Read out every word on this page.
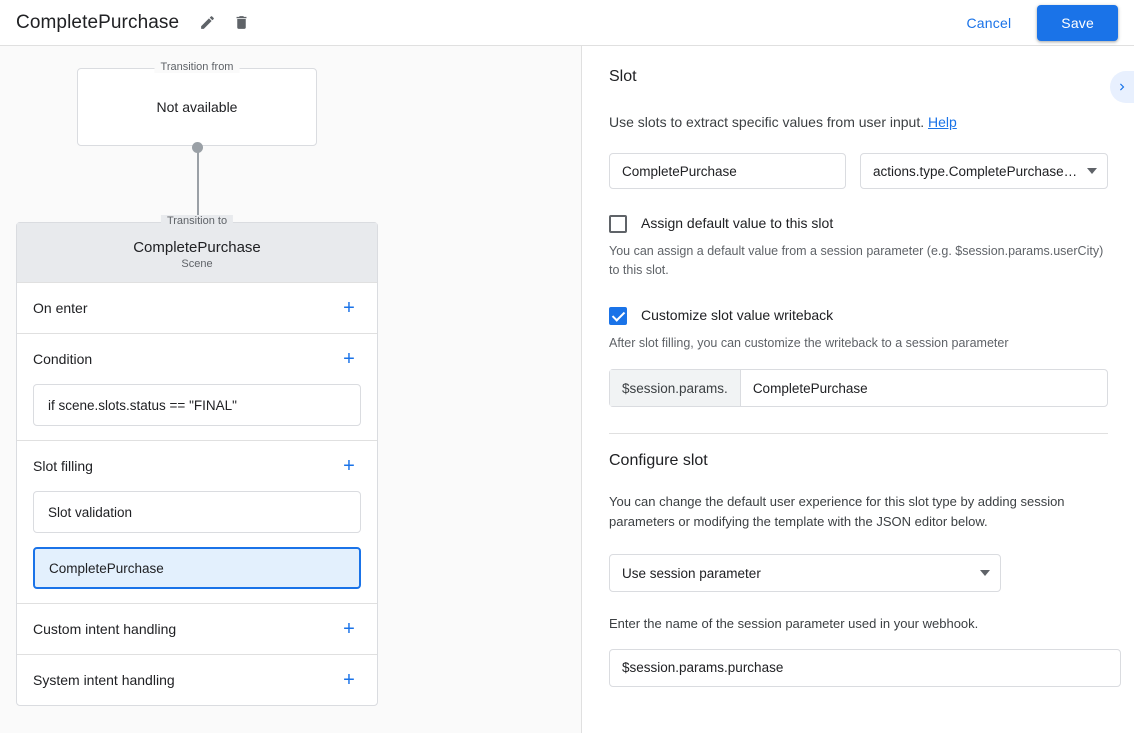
CompletePurchase	Cancel	Save
Transition from
Not available
Transition to
CompletePurchase
Scene
On enter	+
Condition	+
if scene.slots.status == "FINAL"
Slot filling	+
Slot validation
CompletePurchase
Custom intent handling	+
System intent handling	+
Slot
Use slots to extract specific values from user input. Help
CompletePurchase	actions.type.CompletePurchase…
Assign default value to this slot
You can assign a default value from a session parameter (e.g. $session.params.userCity) to this slot.
Customize slot value writeback
After slot filling, you can customize the writeback to a session parameter
$session.params.	CompletePurchase
Configure slot
You can change the default user experience for this slot type by adding session parameters or modifying the template with the JSON editor below.
Use session parameter
Enter the name of the session parameter used in your webhook.
$session.params.purchase
